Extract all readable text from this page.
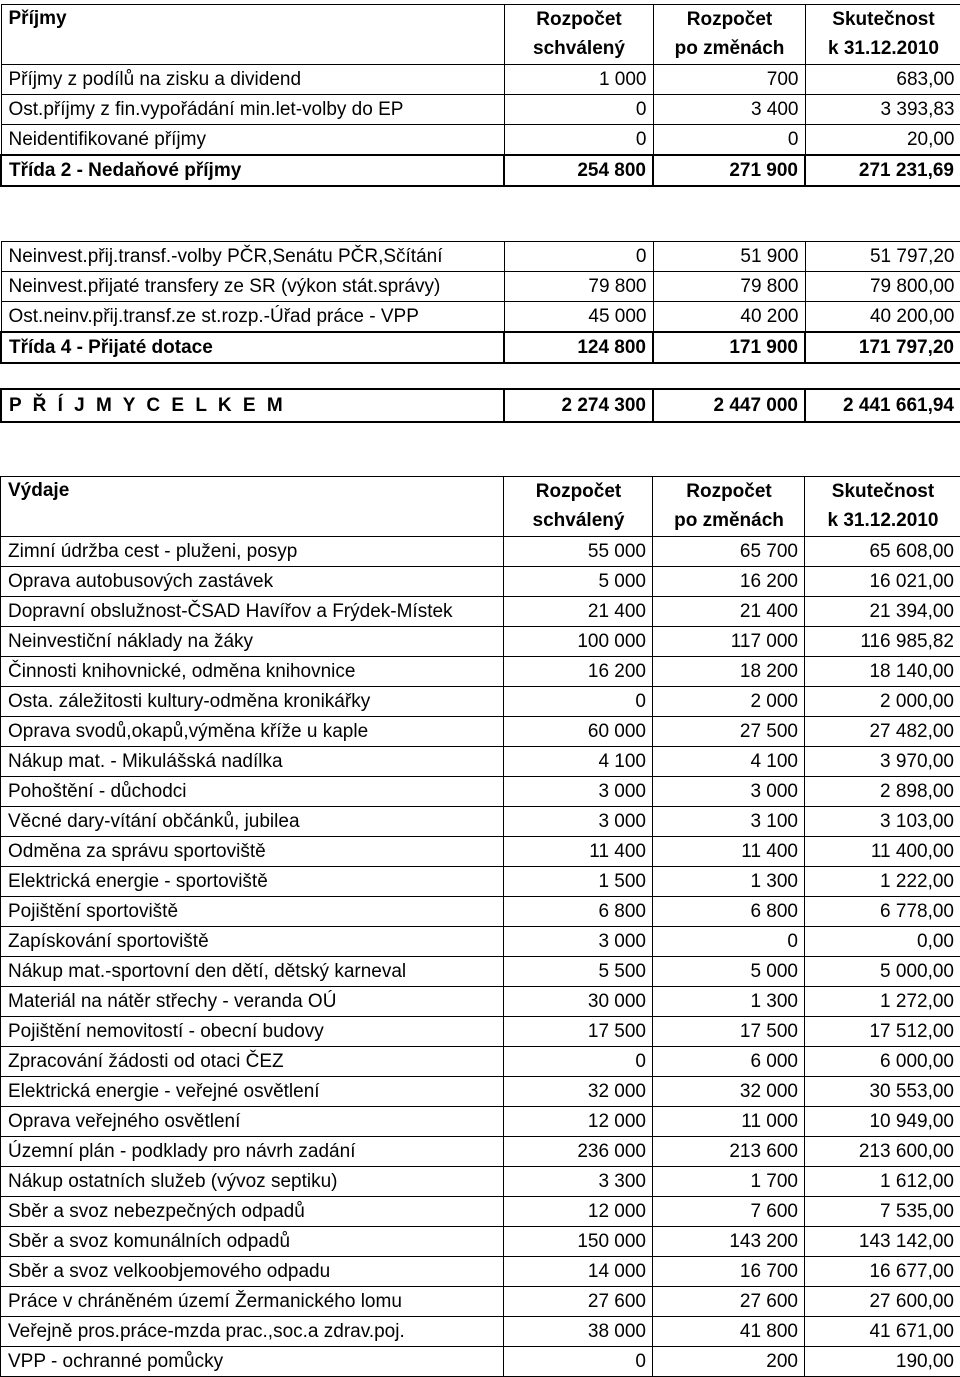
Příjmy	Rozpočet	Rozpočet	Skutečnost
	schválený	po změnách	k 31.12.2010
Příjmy z podílů na zisku a dividend	1 000	700	683,00
Ost.příjmy z fin.vypořádání min.let-volby do EP	0	3 400	3 393,83
Neidentifikované příjmy	0	0	20,00
Třída 2 - Nedaňové příjmy	254 800	271 900	271 231,69
Neinvest.přij.transf.-volby PČR,Senátu PČR,Sčítání	0	51 900	51 797,20
Neinvest.přijaté transfery ze SR (výkon stát.správy)	79 800	79 800	79 800,00
Ost.neinv.přij.transf.ze st.rozp.-Úřad práce - VPP	45 000	40 200	40 200,00
Třída 4 - Přijaté dotace	124 800	171 900	171 797,20
P Ř Í J M Y C E L K E M	2 274 300	2 447 000	2 441 661,94
Výdaje	Rozpočet	Rozpočet	Skutečnost
	schválený	po změnách	k 31.12.2010
Zimní údržba cest - pluženi, posyp	55 000	65 700	65 608,00
Oprava autobusových zastávek	5 000	16 200	16 021,00
Dopravní obslužnost-ČSAD Havířov a Frýdek-Místek	21 400	21 400	21 394,00
Neinvestiční náklady na žáky	100 000	117 000	116 985,82
Činnosti knihovnické, odměna knihovnice	16 200	18 200	18 140,00
Osta. záležitosti kultury-odměna kronikářky	0	2 000	2 000,00
Oprava svodů,okapů,výměna kříže u kaple	60 000	27 500	27 482,00
Nákup mat. - Mikulášská nadílka	4 100	4 100	3 970,00
Pohoštění - důchodci	3 000	3 000	2 898,00
Věcné dary-vítání občánků, jubilea	3 000	3 100	3 103,00
Odměna za správu sportoviště	11 400	11 400	11 400,00
Elektrická energie - sportoviště	1 500	1 300	1 222,00
Pojištění sportoviště	6 800	6 800	6 778,00
Zapískování sportoviště	3 000	0	0,00
Nákup mat.-sportovní den dětí, dětský karneval	5 500	5 000	5 000,00
Materiál na nátěr střechy - veranda OÚ	30 000	1 300	1 272,00
Pojištění nemovitostí - obecní budovy	17 500	17 500	17 512,00
Zpracování žádosti od otaci ČEZ	0	6 000	6 000,00
Elektrická energie - veřejné osvětlení	32 000	32 000	30 553,00
Oprava veřejného osvětlení	12 000	11 000	10 949,00
Územní plán - podklady pro návrh zadání	236 000	213 600	213 600,00
Nákup ostatních služeb (vývoz septiku)	3 300	1 700	1 612,00
Sběr a svoz nebezpečných odpadů	12 000	7 600	7 535,00
Sběr a svoz komunálních odpadů	150 000	143 200	143 142,00
Sběr a svoz velkoobjemového odpadu	14 000	16 700	16 677,00
Práce v chráněném území Žermanického lomu	27 600	27 600	27 600,00
Veřejně pros.práce-mzda prac.,soc.a zdrav.poj.	38 000	41 800	41 671,00
VPP - ochranné pomůcky	0	200	190,00
